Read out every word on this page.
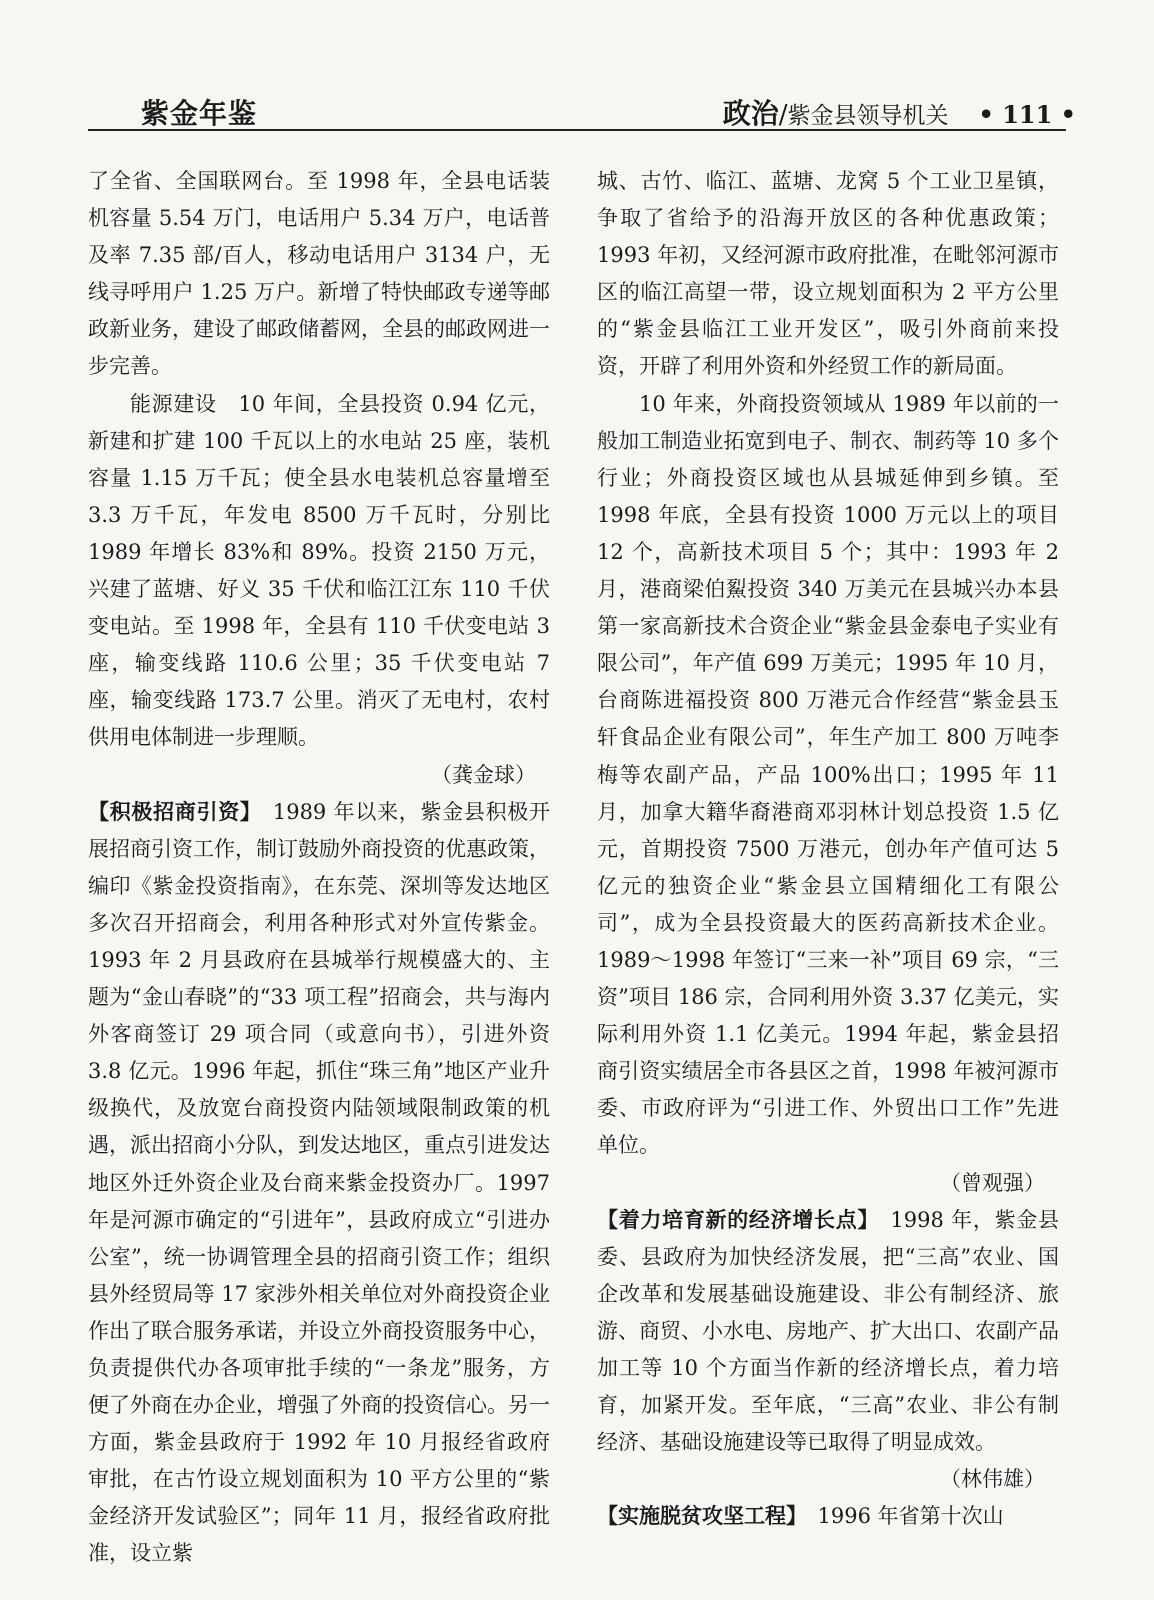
紫金年鉴	政治/紫金县领导机关 • 111 •

了全省、全国联网台。至 1998 年，全县电话装机容量 5.54 万门，电话用户 5.34 万户，电话普及率 7.35 部/百人，移动电话用户 3134 户，无线寻呼用户 1.25 万户。新增了特快邮政专递等邮政新业务，建设了邮政储蓄网，全县的邮政网进一步完善。

能源建设　10 年间，全县投资 0.94 亿元，新建和扩建 100 千瓦以上的水电站 25 座，装机容量 1.15 万千瓦；使全县水电装机总容量增至 3.3 万千瓦，年发电 8500 万千瓦时，分别比 1989 年增长 83%和 89%。投资 2150 万元，兴建了蓝塘、好义 35 千伏和临江江东 110 千伏变电站。至 1998 年，全县有 110 千伏变电站 3 座，输变线路 110.6 公里；35 千伏变电站 7 座，输变线路 173.7 公里。消灭了无电村，农村供用电体制进一步理顺。

（龚金球）

【积极招商引资】　1989 年以来，紫金县积极开展招商引资工作，制订鼓励外商投资的优惠政策，编印《紫金投资指南》，在东莞、深圳等发达地区多次召开招商会，利用各种形式对外宣传紫金。1993 年 2 月县政府在县城举行规模盛大的、主题为“金山春晓”的“33 项工程”招商会，共与海内外客商签订 29 项合同（或意向书），引进外资 3.8 亿元。1996 年起，抓住“珠三角”地区产业升级换代，及放宽台商投资内陆领域限制政策的机遇，派出招商小分队，到发达地区，重点引进发达地区外迁外资企业及台商来紫金投资办厂。1997 年是河源市确定的“引进年”，县政府成立“引进办公室”，统一协调管理全县的招商引资工作；组织县外经贸局等 17 家涉外相关单位对外商投资企业作出了联合服务承诺，并设立外商投资服务中心，负责提供代办各项审批手续的“一条龙”服务，方便了外商在办企业，增强了外商的投资信心。另一方面，紫金县政府于 1992 年 10 月报经省政府审批，在古竹设立规划面积为 10 平方公里的“紫金经济开发试验区”；同年 11 月，报经省政府批准，设立紫

城、古竹、临江、蓝塘、龙窝 5 个工业卫星镇，争取了省给予的沿海开放区的各种优惠政策；1993 年初，又经河源市政府批准，在毗邻河源市区的临江高望一带，设立规划面积为 2 平方公里的“紫金县临江工业开发区”，吸引外商前来投资，开辟了利用外资和外经贸工作的新局面。

10 年来，外商投资领域从 1989 年以前的一般加工制造业拓宽到电子、制衣、制药等 10 多个行业；外商投资区域也从县城延伸到乡镇。至 1998 年底，全县有投资 1000 万元以上的项目 12 个，高新技术项目 5 个；其中：1993 年 2 月，港商梁伯鮤投资 340 万美元在县城兴办本县第一家高新技术合资企业“紫金县金泰电子实业有限公司”，年产值 699 万美元；1995 年 10 月，台商陈进福投资 800 万港元合作经营“紫金县玉轩食品企业有限公司”，年生产加工 800 万吨李梅等农副产品，产品 100%出口；1995 年 11 月，加拿大籍华裔港商邓羽林计划总投资 1.5 亿元，首期投资 7500 万港元，创办年产值可达 5 亿元的独资企业“紫金县立国精细化工有限公司”，成为全县投资最大的医药高新技术企业。1989～1998 年签订“三来一补”项目 69 宗，“三资”项目 186 宗，合同利用外资 3.37 亿美元，实际利用外资 1.1 亿美元。1994 年起，紫金县招商引资实绩居全市各县区之首，1998 年被河源市委、市政府评为“引进工作、外贸出口工作”先进单位。

（曾观强）

【着力培育新的经济增长点】　1998 年，紫金县委、县政府为加快经济发展，把“三高”农业、国企改革和发展基础设施建设、非公有制经济、旅游、商贸、小水电、房地产、扩大出口、农副产品加工等 10 个方面当作新的经济增长点，着力培育，加紧开发。至年底，“三高”农业、非公有制经济、基础设施建设等已取得了明显成效。

（林伟雄）

【实施脱贫攻坚工程】　1996 年省第十次山
